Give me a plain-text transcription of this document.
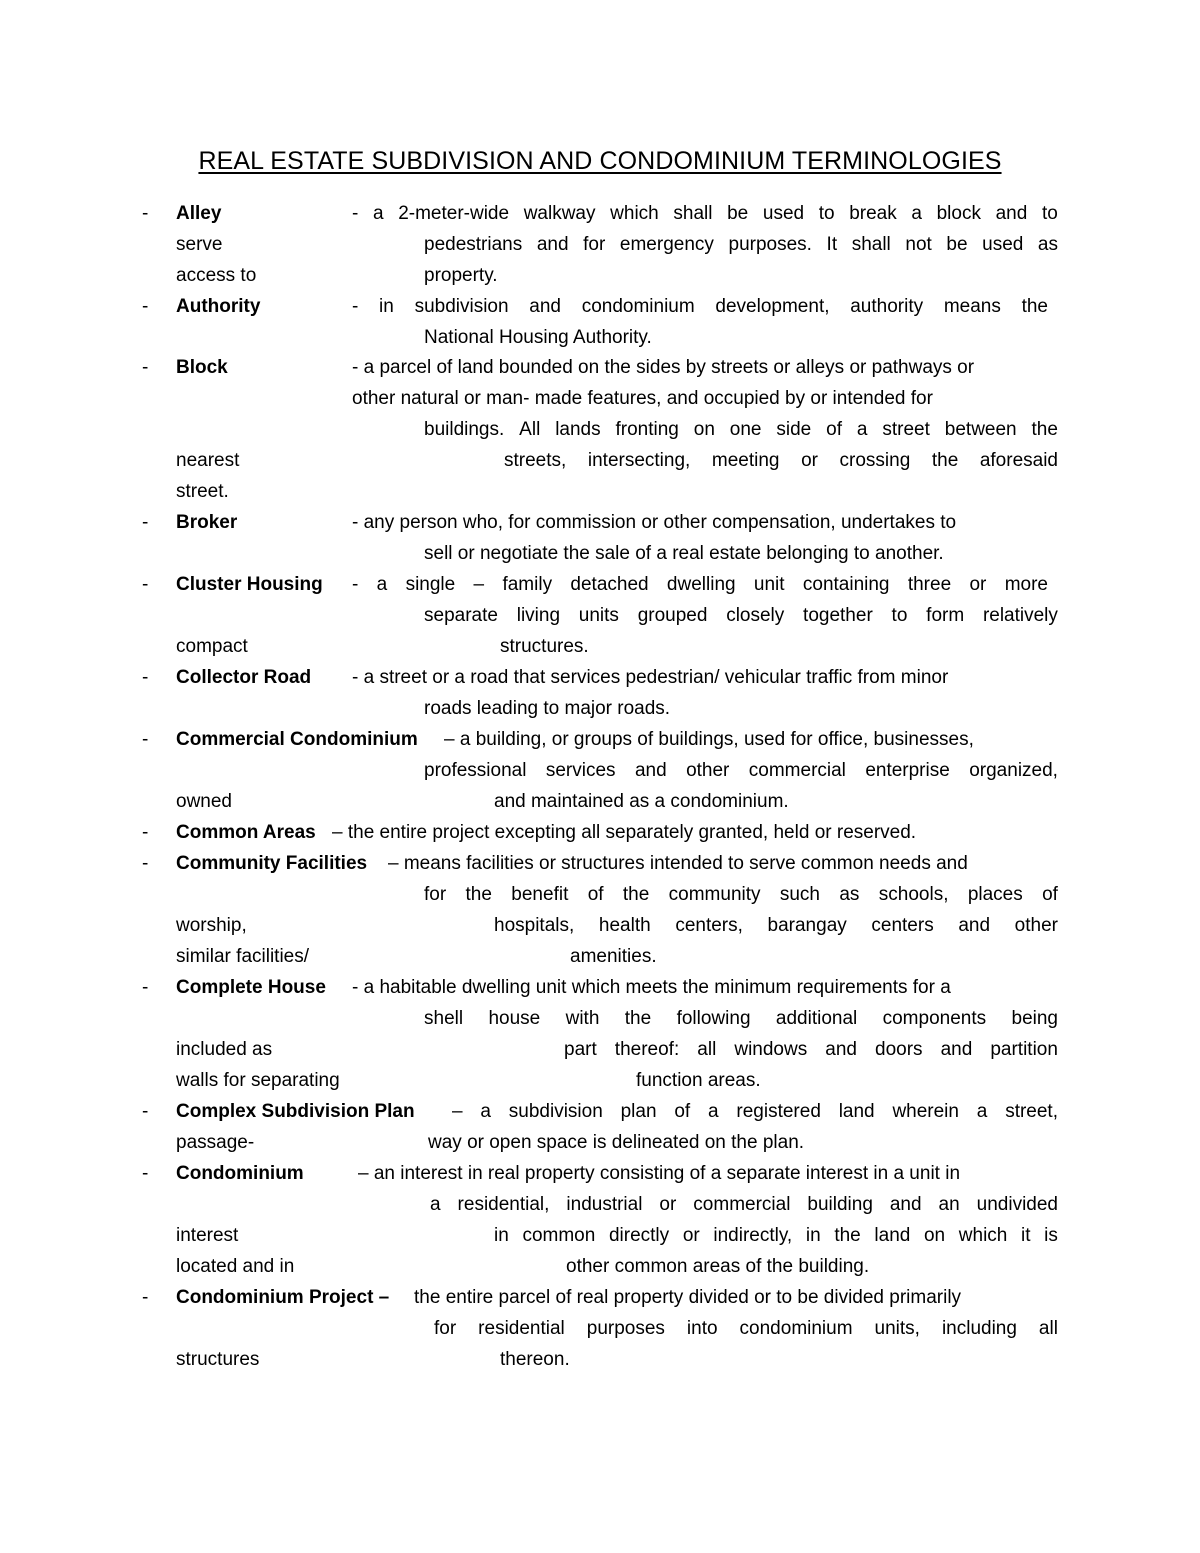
REAL ESTATE SUBDIVISION AND CONDOMINIUM TERMINOLOGIES
- Alley	- a 2-meter-wide walkway which shall be used to break a block and to
serve	pedestrians and for emergency purposes. It shall not be used as
access to	property.
- Authority	- in subdivision and condominium development, authority means the
National Housing Authority.
- Block	- a parcel of land bounded on the sides by streets or alleys or pathways or
other natural or man- made features, and occupied by or intended for
buildings. All lands fronting on one side of a street between the
nearest	streets, intersecting, meeting or crossing the aforesaid
street.
- Broker	- any person who, for commission or other compensation, undertakes to
sell or negotiate the sale of a real estate belonging to another.
- Cluster Housing - a single – family detached dwelling unit containing three or more
separate living units grouped closely together to form relatively
compact	structures.
- Collector Road - a street or a road that services pedestrian/ vehicular traffic from minor
roads leading to major roads.
- Commercial Condominium – a building, or groups of buildings, used for office, businesses,
professional services and other commercial enterprise organized,
owned	and maintained as a condominium.
- Common Areas – the entire project excepting all separately granted, held or reserved.
- Community Facilities – means facilities or structures intended to serve common needs and
for the benefit of the community such as schools, places of
worship,	hospitals, health centers, barangay centers and other
similar facilities/	amenities.
- Complete House - a habitable dwelling unit which meets the minimum requirements for a
shell house with the following additional components being
included as	part thereof: all windows and doors and partition
walls for separating	function areas.
- Complex Subdivision Plan – a subdivision plan of a registered land wherein a street,
passage-	way or open space is delineated on the plan.
- Condominium	– an interest in real property consisting of a separate interest in a unit in
a residential, industrial or commercial building and an undivided
interest	in common directly or indirectly, in the land on which it is
located and in	other common areas of the building.
- Condominium Project – the entire parcel of real property divided or to be divided primarily
for residential purposes into condominium units, including all
structures	thereon.
